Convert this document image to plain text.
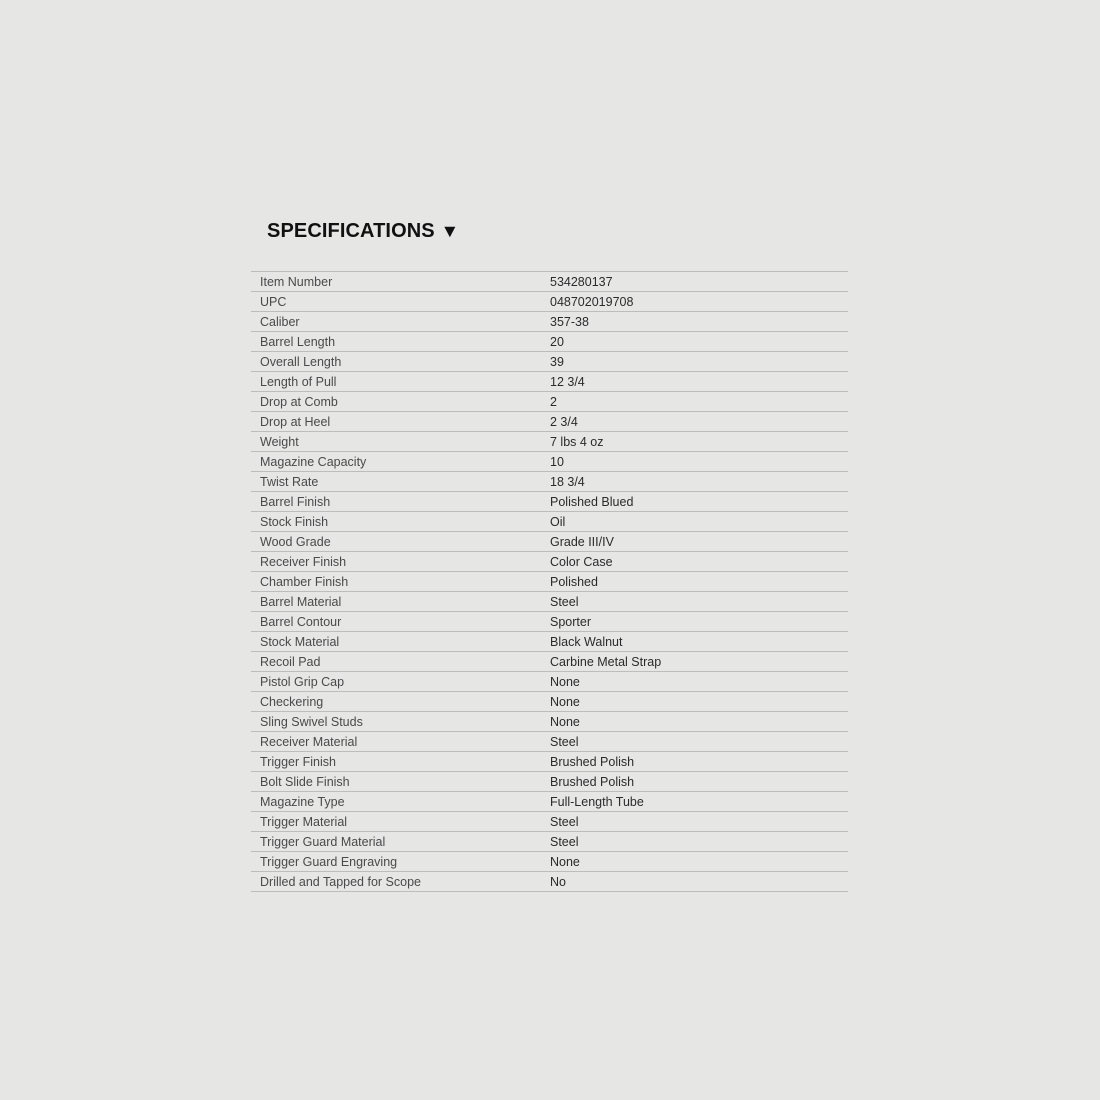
SPECIFICATIONS ▼
Item Number	534280137
UPC	048702019708
Caliber	357-38
Barrel Length	20
Overall Length	39
Length of Pull	12 3/4
Drop at Comb	2
Drop at Heel	2 3/4
Weight	7 lbs 4 oz
Magazine Capacity	10
Twist Rate	18 3/4
Barrel Finish	Polished Blued
Stock Finish	Oil
Wood Grade	Grade III/IV
Receiver Finish	Color Case
Chamber Finish	Polished
Barrel Material	Steel
Barrel Contour	Sporter
Stock Material	Black Walnut
Recoil Pad	Carbine Metal Strap
Pistol Grip Cap	None
Checkering	None
Sling Swivel Studs	None
Receiver Material	Steel
Trigger Finish	Brushed Polish
Bolt Slide Finish	Brushed Polish
Magazine Type	Full-Length Tube
Trigger Material	Steel
Trigger Guard Material	Steel
Trigger Guard Engraving	None
Drilled and Tapped for Scope	No
